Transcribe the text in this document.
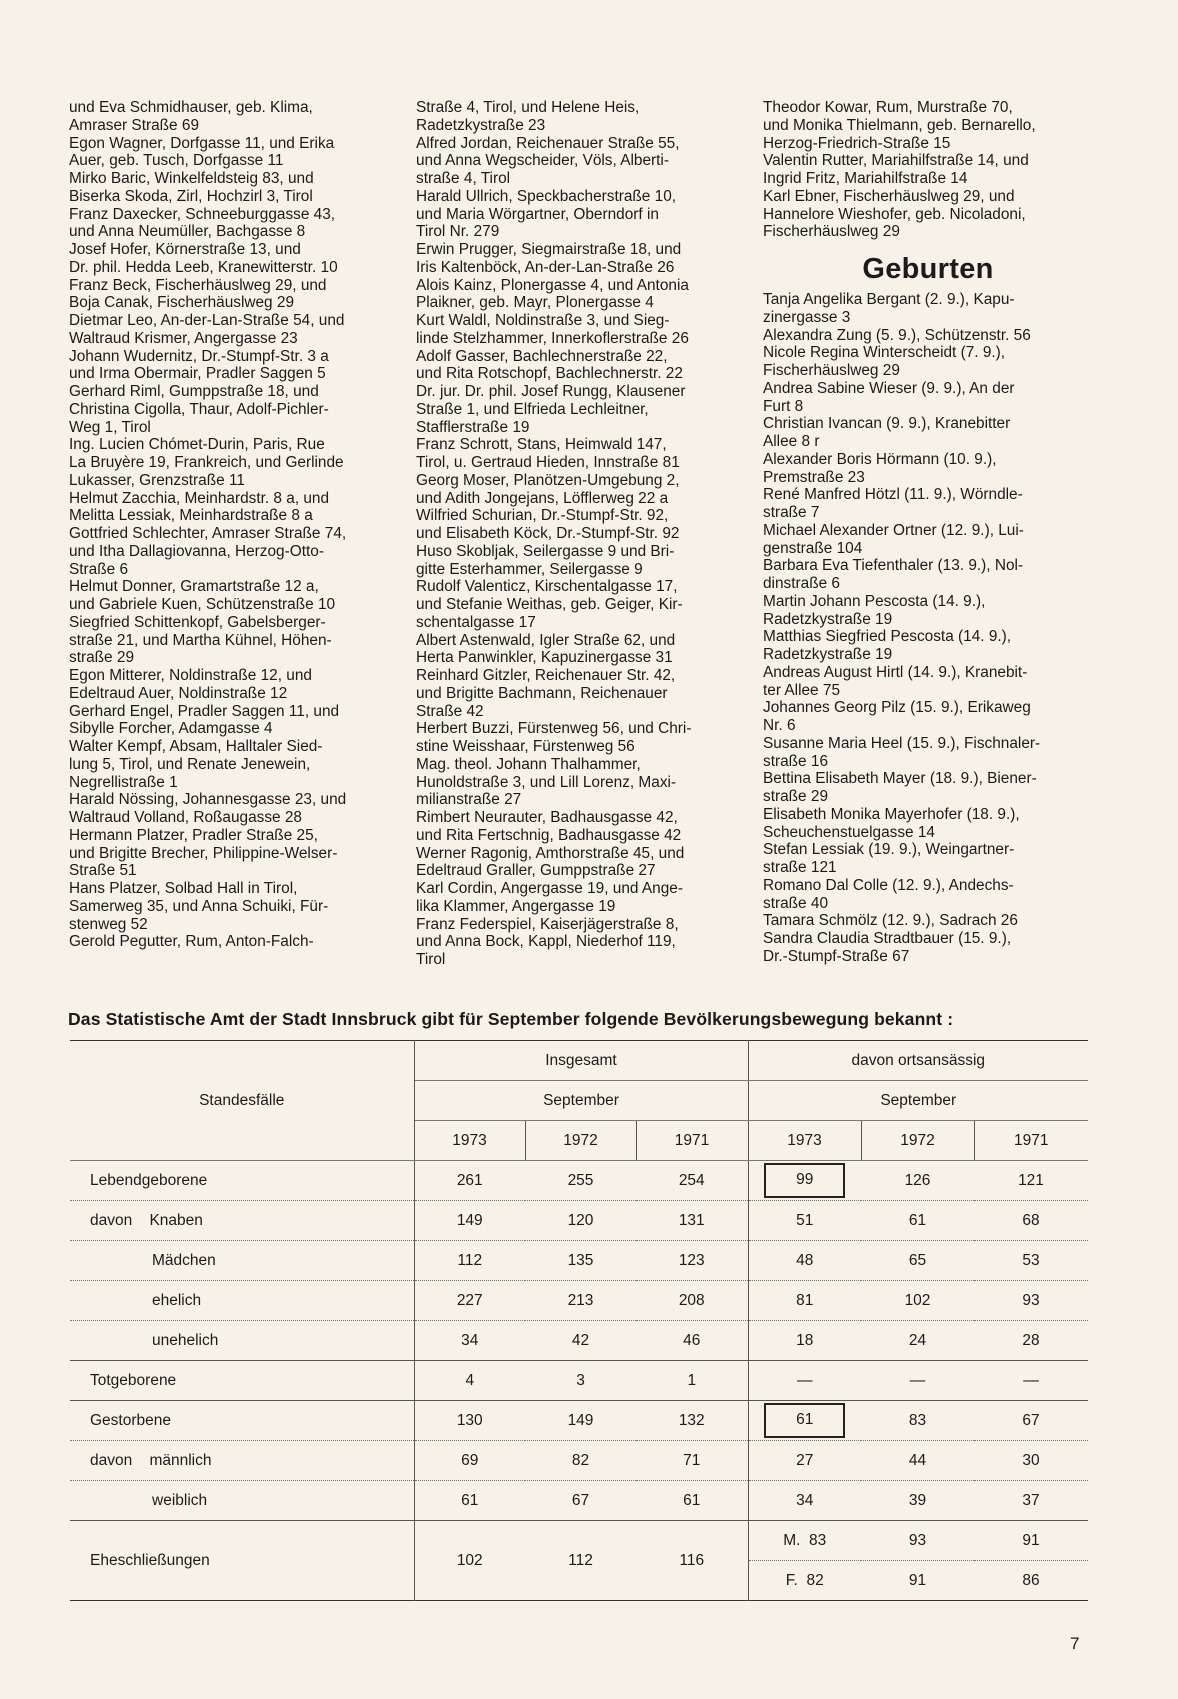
und Eva Schmidhauser, geb. Klima,
Amraser Straße 69
Egon Wagner, Dorfgasse 11, und Erika
Auer, geb. Tusch, Dorfgasse 11
Mirko Baric, Winkelfeldsteig 83, und
Biserka Skoda, Zirl, Hochzirl 3, Tirol
Franz Daxecker, Schneeburggasse 43,
und Anna Neumüller, Bachgasse 8
Josef Hofer, Körnerstraße 13, und
Dr. phil. Hedda Leeb, Kranewitterstr. 10
Franz Beck, Fischerhäuslweg 29, und
Boja Canak, Fischerhäuslweg 29
Dietmar Leo, An-der-Lan-Straße 54, und
Waltraud Krismer, Angergasse 23
Johann Wudernitz, Dr.-Stumpf-Str. 3 a
und Irma Obermair, Pradler Saggen 5
Gerhard Riml, Gumppstraße 18, und
Christina Cigolla, Thaur, Adolf-Pichler-
Weg 1, Tirol
Ing. Lucien Chómet-Durin, Paris, Rue
La Bruyère 19, Frankreich, und Gerlinde
Lukasser, Grenzstraße 11
Helmut Zacchia, Meinhardstr. 8 a, und
Melitta Lessiak, Meinhardstraße 8 a
Gottfried Schlechter, Amraser Straße 74,
und Itha Dallagiovanna, Herzog-Otto-
Straße 6
Helmut Donner, Gramartstraße 12 a,
und Gabriele Kuen, Schützenstraße 10
Siegfried Schittenkopf, Gabelsberger-
straße 21, und Martha Kühnel, Höhen-
straße 29
Egon Mitterer, Noldinstraße 12, und
Edeltraud Auer, Noldinstraße 12
Gerhard Engel, Pradler Saggen 11, und
Sibylle Forcher, Adamgasse 4
Walter Kempf, Absam, Halltaler Sied-
lung 5, Tirol, und Renate Jenewein,
Negrellistraße 1
Harald Nössing, Johannesgasse 23, und
Waltraud Volland, Roßaugasse 28
Hermann Platzer, Pradler Straße 25,
und Brigitte Brecher, Philippine-Welser-
Straße 51
Hans Platzer, Solbad Hall in Tirol,
Samerweg 35, und Anna Schuiki, Für-
stenweg 52
Gerold Pegutter, Rum, Anton-Falch-
Straße 4, Tirol, und Helene Heis,
Radetzkystraße 23
Alfred Jordan, Reichenauer Straße 55,
und Anna Wegscheider, Völs, Alberti-
straße 4, Tirol
Harald Ullrich, Speckbacherstraße 10,
und Maria Wörgartner, Oberndorf in
Tirol Nr. 279
Erwin Prugger, Siegmairstraße 18, und
Iris Kaltenböck, An-der-Lan-Straße 26
Alois Kainz, Plonergasse 4, und Antonia
Plaikner, geb. Mayr, Plonergasse 4
Kurt Waldl, Noldinstraße 3, und Sieg-
linde Stelzhammer, Innerkoflerstraße 26
Adolf Gasser, Bachlechnerstraße 22,
und Rita Rotschopf, Bachlechnerstr. 22
Dr. jur. Dr. phil. Josef Rungg, Klausener
Straße 1, und Elfrieda Lechleitner,
Stafflerstraße 19
Franz Schrott, Stans, Heimwald 147,
Tirol, u. Gertraud Hieden, Innstraße 81
Georg Moser, Planötzen-Umgebung 2,
und Adith Jongejans, Löfflerweg 22 a
Wilfried Schurian, Dr.-Stumpf-Str. 92,
und Elisabeth Köck, Dr.-Stumpf-Str. 92
Huso Skobljak, Seilergasse 9 und Bri-
gitte Esterhammer, Seilergasse 9
Rudolf Valenticz, Kirschentalgasse 17,
und Stefanie Weithas, geb. Geiger, Kir-
schentalgasse 17
Albert Astenwald, Igler Straße 62, und
Herta Panwinkler, Kapuzinergasse 31
Reinhard Gitzler, Reichenauer Str. 42,
und Brigitte Bachmann, Reichenauer
Straße 42
Herbert Buzzi, Fürstenweg 56, und Chri-
stine Weisshaar, Fürstenweg 56
Mag. theol. Johann Thalhammer,
Hunoldstraße 3, und Lill Lorenz, Maxi-
milianstraße 27
Rimbert Neurauter, Badhausgasse 42,
und Rita Fertschnig, Badhausgasse 42
Werner Ragonig, Amthorstraße 45, und
Edeltraud Graller, Gumppstraße 27
Karl Cordin, Angergasse 19, und Ange-
lika Klammer, Angergasse 19
Franz Federspiel, Kaiserjägerstraße 8,
und Anna Bock, Kappl, Niederhof 119,
Tirol
Theodor Kowar, Rum, Murstraße 70,
und Monika Thielmann, geb. Bernarello,
Herzog-Friedrich-Straße 15
Valentin Rutter, Mariahilfstraße 14, und
Ingrid Fritz, Mariahilfstraße 14
Karl Ebner, Fischerhäuslweg 29, und
Hannelore Wieshofer, geb. Nicoladoni,
Fischerhäuslweg 29
Geburten
Tanja Angelika Bergant (2. 9.), Kapu-
zinergasse 3
Alexandra Zung (5. 9.), Schützenstr. 56
Nicole Regina Winterscheidt (7. 9.),
Fischerhäuslweg 29
Andrea Sabine Wieser (9. 9.), An der
Furt 8
Christian Ivancan (9. 9.), Kranebitter
Allee 8 r
Alexander Boris Hörmann (10. 9.),
Premstraße 23
René Manfred Hötzl (11. 9.), Wörndle-
straße 7
Michael Alexander Ortner (12. 9.), Lui-
genstraße 104
Barbara Eva Tiefenthaler (13. 9.), Nol-
dinstraße 6
Martin Johann Pescosta (14. 9.),
Radetzkystraße 19
Matthias Siegfried Pescosta (14. 9.),
Radetzkystraße 19
Andreas August Hirtl (14. 9.), Kranebit-
ter Allee 75
Johannes Georg Pilz (15. 9.), Erikaweg
Nr. 6
Susanne Maria Heel (15. 9.), Fischnaler-
straße 16
Bettina Elisabeth Mayer (18. 9.), Biener-
straße 29
Elisabeth Monika Mayerhofer (18. 9.),
Scheuchenstuelgasse 14
Stefan Lessiak (19. 9.), Weingartner-
straße 121
Romano Dal Colle (12. 9.), Andechs-
straße 40
Tamara Schmölz (12. 9.), Sadrach 26
Sandra Claudia Stradtbauer (15. 9.),
Dr.-Stumpf-Straße 67
Das Statistische Amt der Stadt Innsbruck gibt für September folgende Bevölkerungsbewegung bekannt :
Standesfälle	Insgesamt			davon ortsansässig		
	September			September		
	1973	1972	1971	1973	1972	1971
Lebendgeborene	261	255	254	99	126	121
davon Knaben	149	120	131	51	61	68
Mädchen	112	135	123	48	65	53
ehelich	227	213	208	81	102	93
unehelich	34	42	46	18	24	28
Totgeborene	4	3	1	—	—	—
Gestorbene	130	149	132	61	83	67
davon männlich	69	82	71	27	44	30
weiblich	61	67	61	34	39	37
Eheschließungen	102	112	116	M. 83	93	91
				F. 82	91	86
7
